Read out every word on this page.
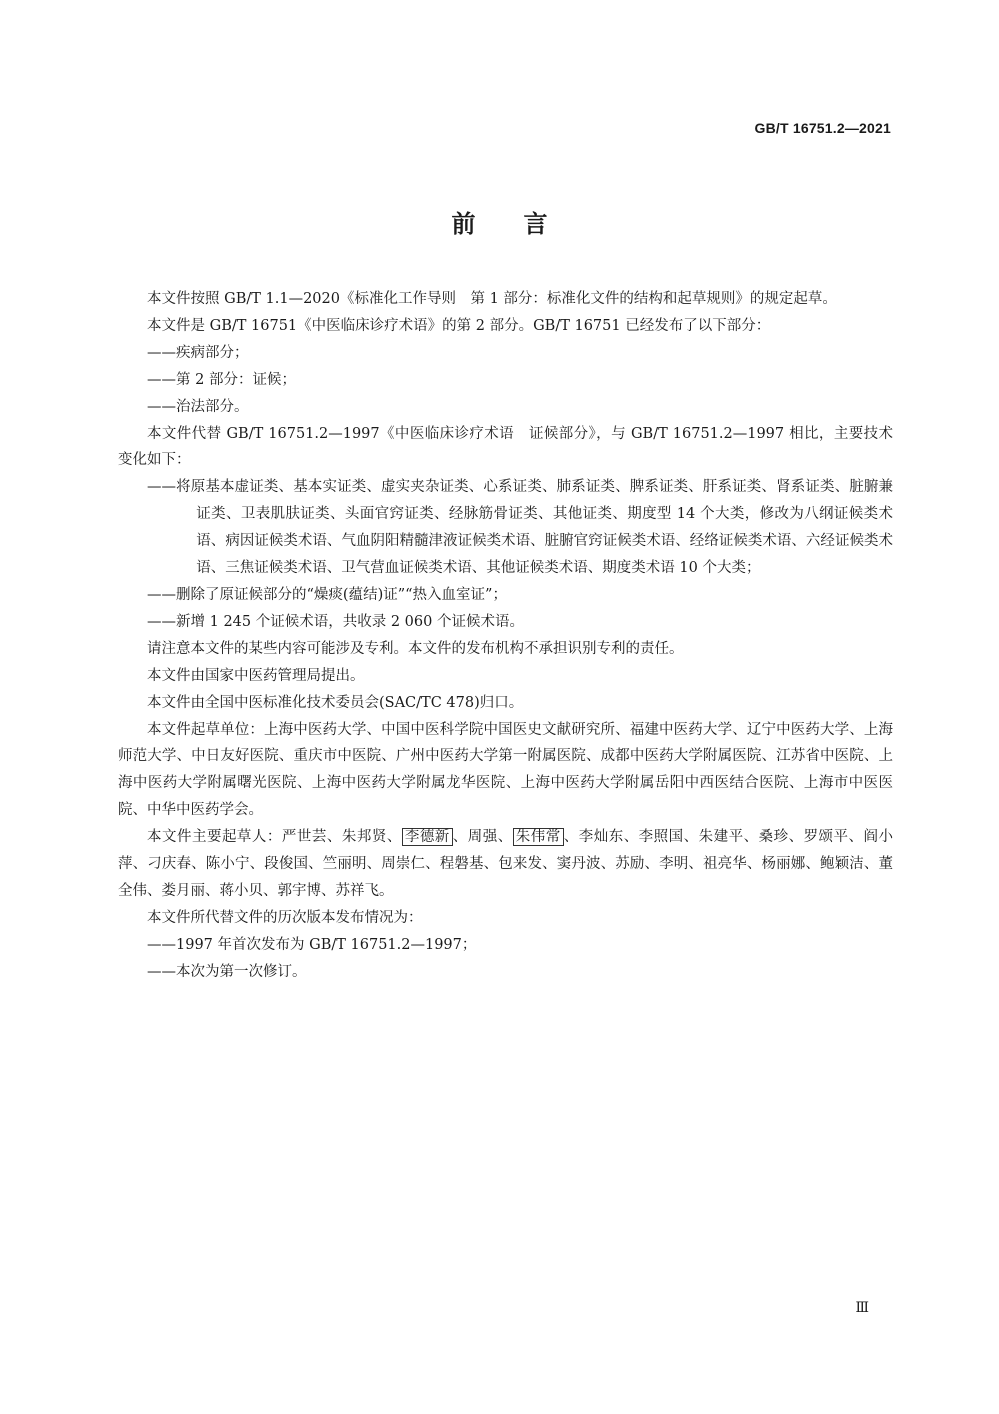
GB/T 16751.2—2021
前 言

本文件按照 GB/T 1.1—2020《标准化工作导则　第 1 部分：标准化文件的结构和起草规则》的规定起草。

本文件是 GB/T 16751《中医临床诊疗术语》的第 2 部分。GB/T 16751 已经发布了以下部分：

——疾病部分；

——第 2 部分：证候；

——治法部分。

本文件代替 GB/T 16751.2—1997《中医临床诊疗术语　证候部分》，与 GB/T 16751.2—1997 相比，主要技术变化如下：

——将原基本虚证类、基本实证类、虚实夹杂证类、心系证类、肺系证类、脾系证类、肝系证类、肾系证类、脏腑兼证类、卫表肌肤证类、头面官窍证类、经脉筋骨证类、其他证类、期度型 14 个大类，修改为八纲证候类术语、病因证候类术语、气血阴阳精髓津液证候类术语、脏腑官窍证候类术语、经络证候类术语、六经证候类术语、三焦证候类术语、卫气营血证候类术语、其他证候类术语、期度类术语 10 个大类；

——删除了原证候部分的“燥痰(蕴结)证”“热入血室证”；

——新增 1 245 个证候术语，共收录 2 060 个证候术语。

请注意本文件的某些内容可能涉及专利。本文件的发布机构不承担识别专利的责任。

本文件由国家中医药管理局提出。

本文件由全国中医标准化技术委员会(SAC/TC 478)归口。

本文件起草单位：上海中医药大学、中国中医科学院中国医史文献研究所、福建中医药大学、辽宁中医药大学、上海师范大学、中日友好医院、重庆市中医院、广州中医药大学第一附属医院、成都中医药大学附属医院、江苏省中医院、上海中医药大学附属曙光医院、上海中医药大学附属龙华医院、上海中医药大学附属岳阳中西医结合医院、上海市中医医院、中华中医药学会。

本文件主要起草人：严世芸、朱邦贤、 李德新 、周强、 朱伟常 、李灿东、李照国、朱建平、桑珍、罗颂平、阎小萍、刁庆春、陈小宁、段俊国、竺丽明、周崇仁、程磐基、包来发、窦丹波、苏励、李明、祖亮华、杨丽娜、鲍颖洁、董全伟、娄月丽、蒋小贝、郭宇博、苏祥飞。

本文件所代替文件的历次版本发布情况为：

——1997 年首次发布为 GB/T 16751.2—1997；

——本次为第一次修订。

Ⅲ
